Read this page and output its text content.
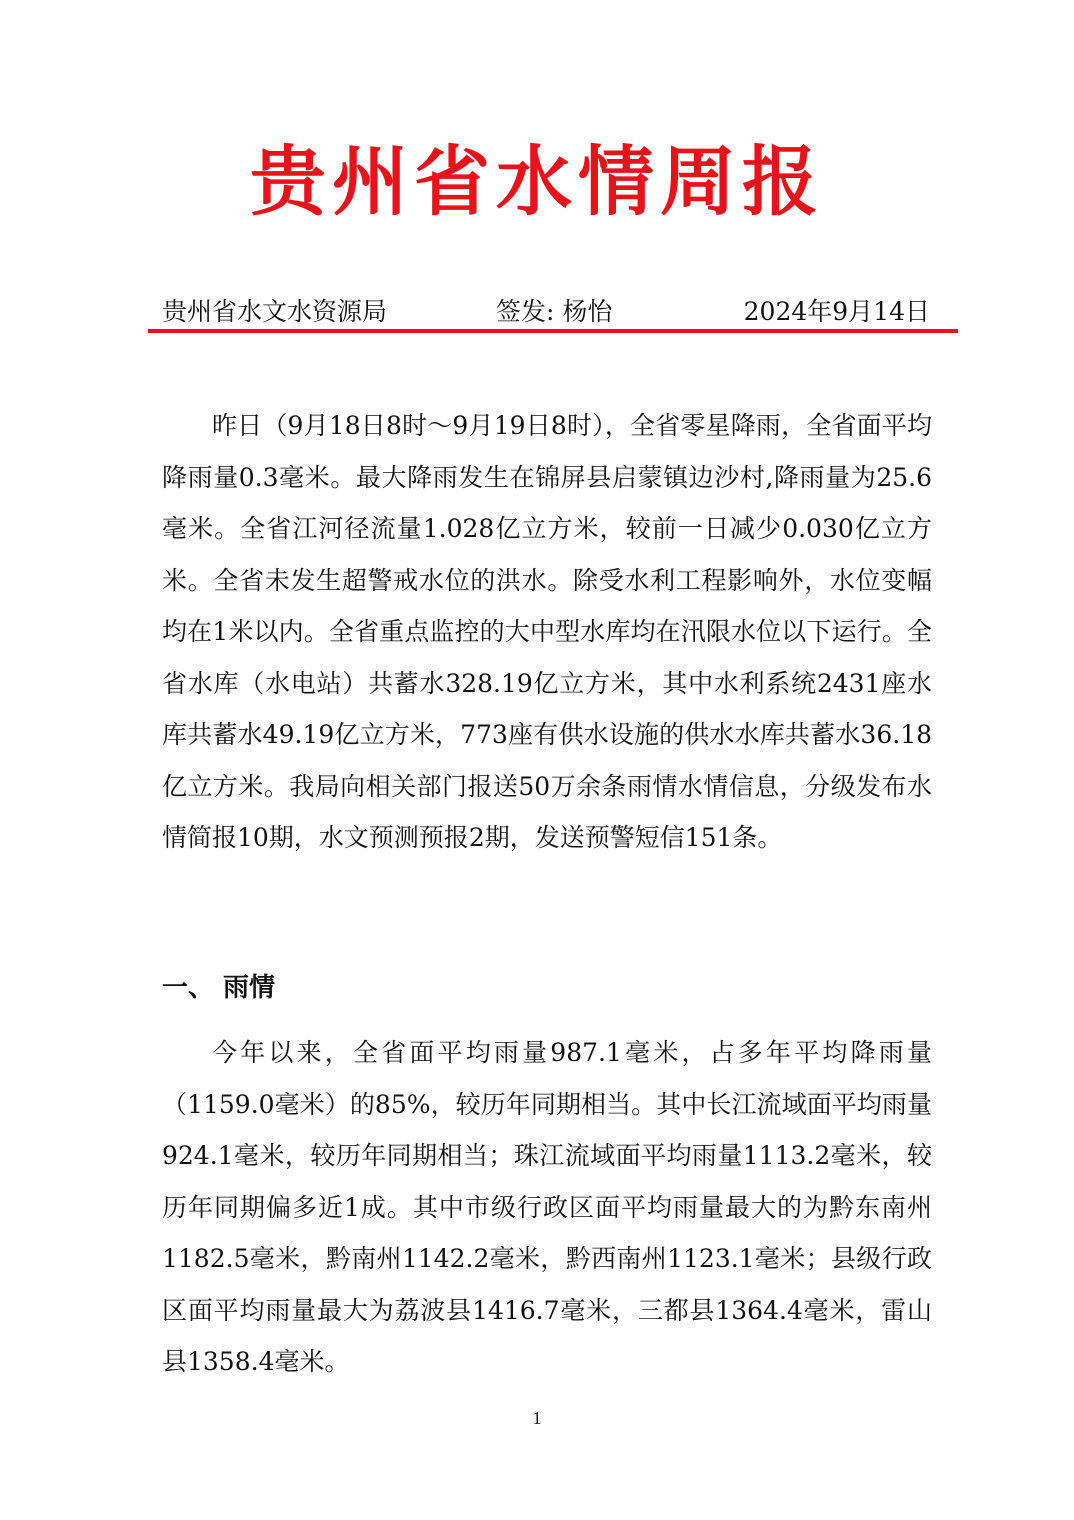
贵州省水情周报
贵州省水文水资源局	签发: 杨怡	2024年9月14日

昨日（9月18日8时～9月19日8时），全省零星降雨，全省面平均降雨量0.3毫米。最大降雨发生在锦屏县启蒙镇边沙村,降雨量为25.6毫米。全省江河径流量1.028亿立方米，较前一日减少0.030亿立方米。全省未发生超警戒水位的洪水。除受水利工程影响外，水位变幅均在1米以内。全省重点监控的大中型水库均在汛限水位以下运行。全省水库（水电站）共蓄水328.19亿立方米，其中水利系统2431座水库共蓄水49.19亿立方米，773座有供水设施的供水水库共蓄水36.18亿立方米。我局向相关部门报送50万余条雨情水情信息，分级发布水情简报10期，水文预测预报2期，发送预警短信151条。

一、 雨情

今年以来，全省面平均雨量987.1毫米，占多年平均降雨量（1159.0毫米）的85%，较历年同期相当。其中长江流域面平均雨量924.1毫米，较历年同期相当；珠江流域面平均雨量1113.2毫米，较历年同期偏多近1成。其中市级行政区面平均雨量最大的为黔东南州1182.5毫米，黔南州1142.2毫米，黔西南州1123.1毫米；县级行政区面平均雨量最大为荔波县1416.7毫米，三都县1364.4毫米，雷山县1358.4毫米。

1
